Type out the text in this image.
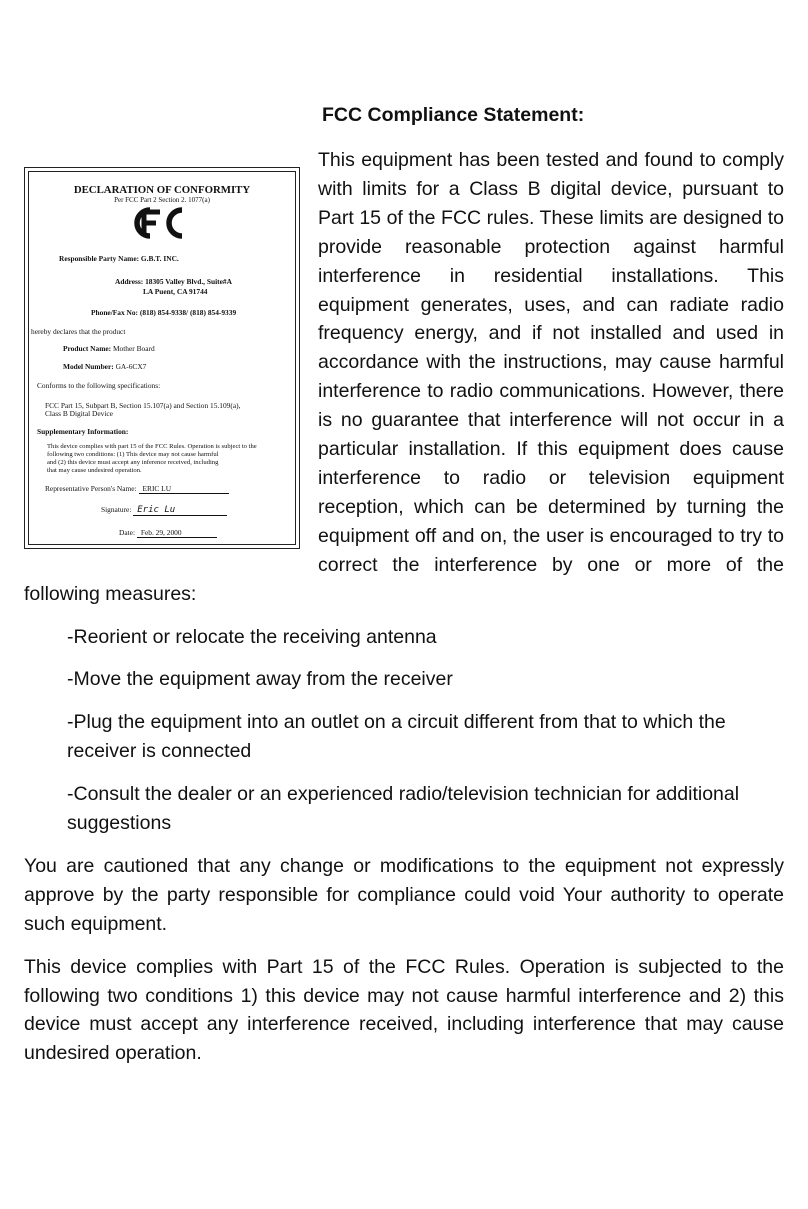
FCC Compliance Statement:
DECLARATION OF CONFORMITY
Per FCC Part 2 Section 2. 1077(a)
Responsible Party Name: G.B.T. INC.
Address: 18305 Valley Blvd., Suite#A
LA Puent, CA 91744
Phone/Fax No: (818) 854-9338/ (818) 854-9339
hereby declares that the product
Product Name: Mother Board
Model Number: GA-6CX7
Conforms to the following specifications:
FCC Part 15, Subpart B, Section 15.107(a) and Section 15.109(a),
Class B Digital Device
Supplementary Information:
This device complies with part 15 of the FCC Rules. Operation is subject to the
following two conditions: (1) This device may not cause harmful
and (2) this device must accept any inference received, including
that may cause undesired operation.
Representative Person's Name: ERIC LU
Signature: Eric Lu
Date: Feb. 29, 2000

This equipment has been tested and found to comply with limits for a Class B digital device, pursuant to Part 15 of the FCC rules. These limits are designed to provide reasonable protection against harmful interference in residential installations. This equipment generates, uses, and can radiate radio frequency energy, and if not installed and used in accordance with the instructions, may cause harmful interference to radio communications. However, there is no guarantee that interference will not occur in a particular installation. If this equipment does cause interference to radio or television equipment reception, which can be determined by turning the equipment off and on, the user is encouraged to try to correct the interference by one or more of the following measures:

-Reorient or relocate the receiving antenna

-Move the equipment away from the receiver

-Plug the equipment into an outlet on a circuit different from that to which the receiver is connected

-Consult the dealer or an experienced radio/television technician for additional suggestions

You are cautioned that any change or modifications to the equipment not expressly approve by the party responsible for compliance could void Your authority to operate such equipment.

This device complies with Part 15 of the FCC Rules. Operation is subjected to the following two conditions 1) this device may not cause harmful interference and 2) this device must accept any interference received, including interference that may cause undesired operation.
